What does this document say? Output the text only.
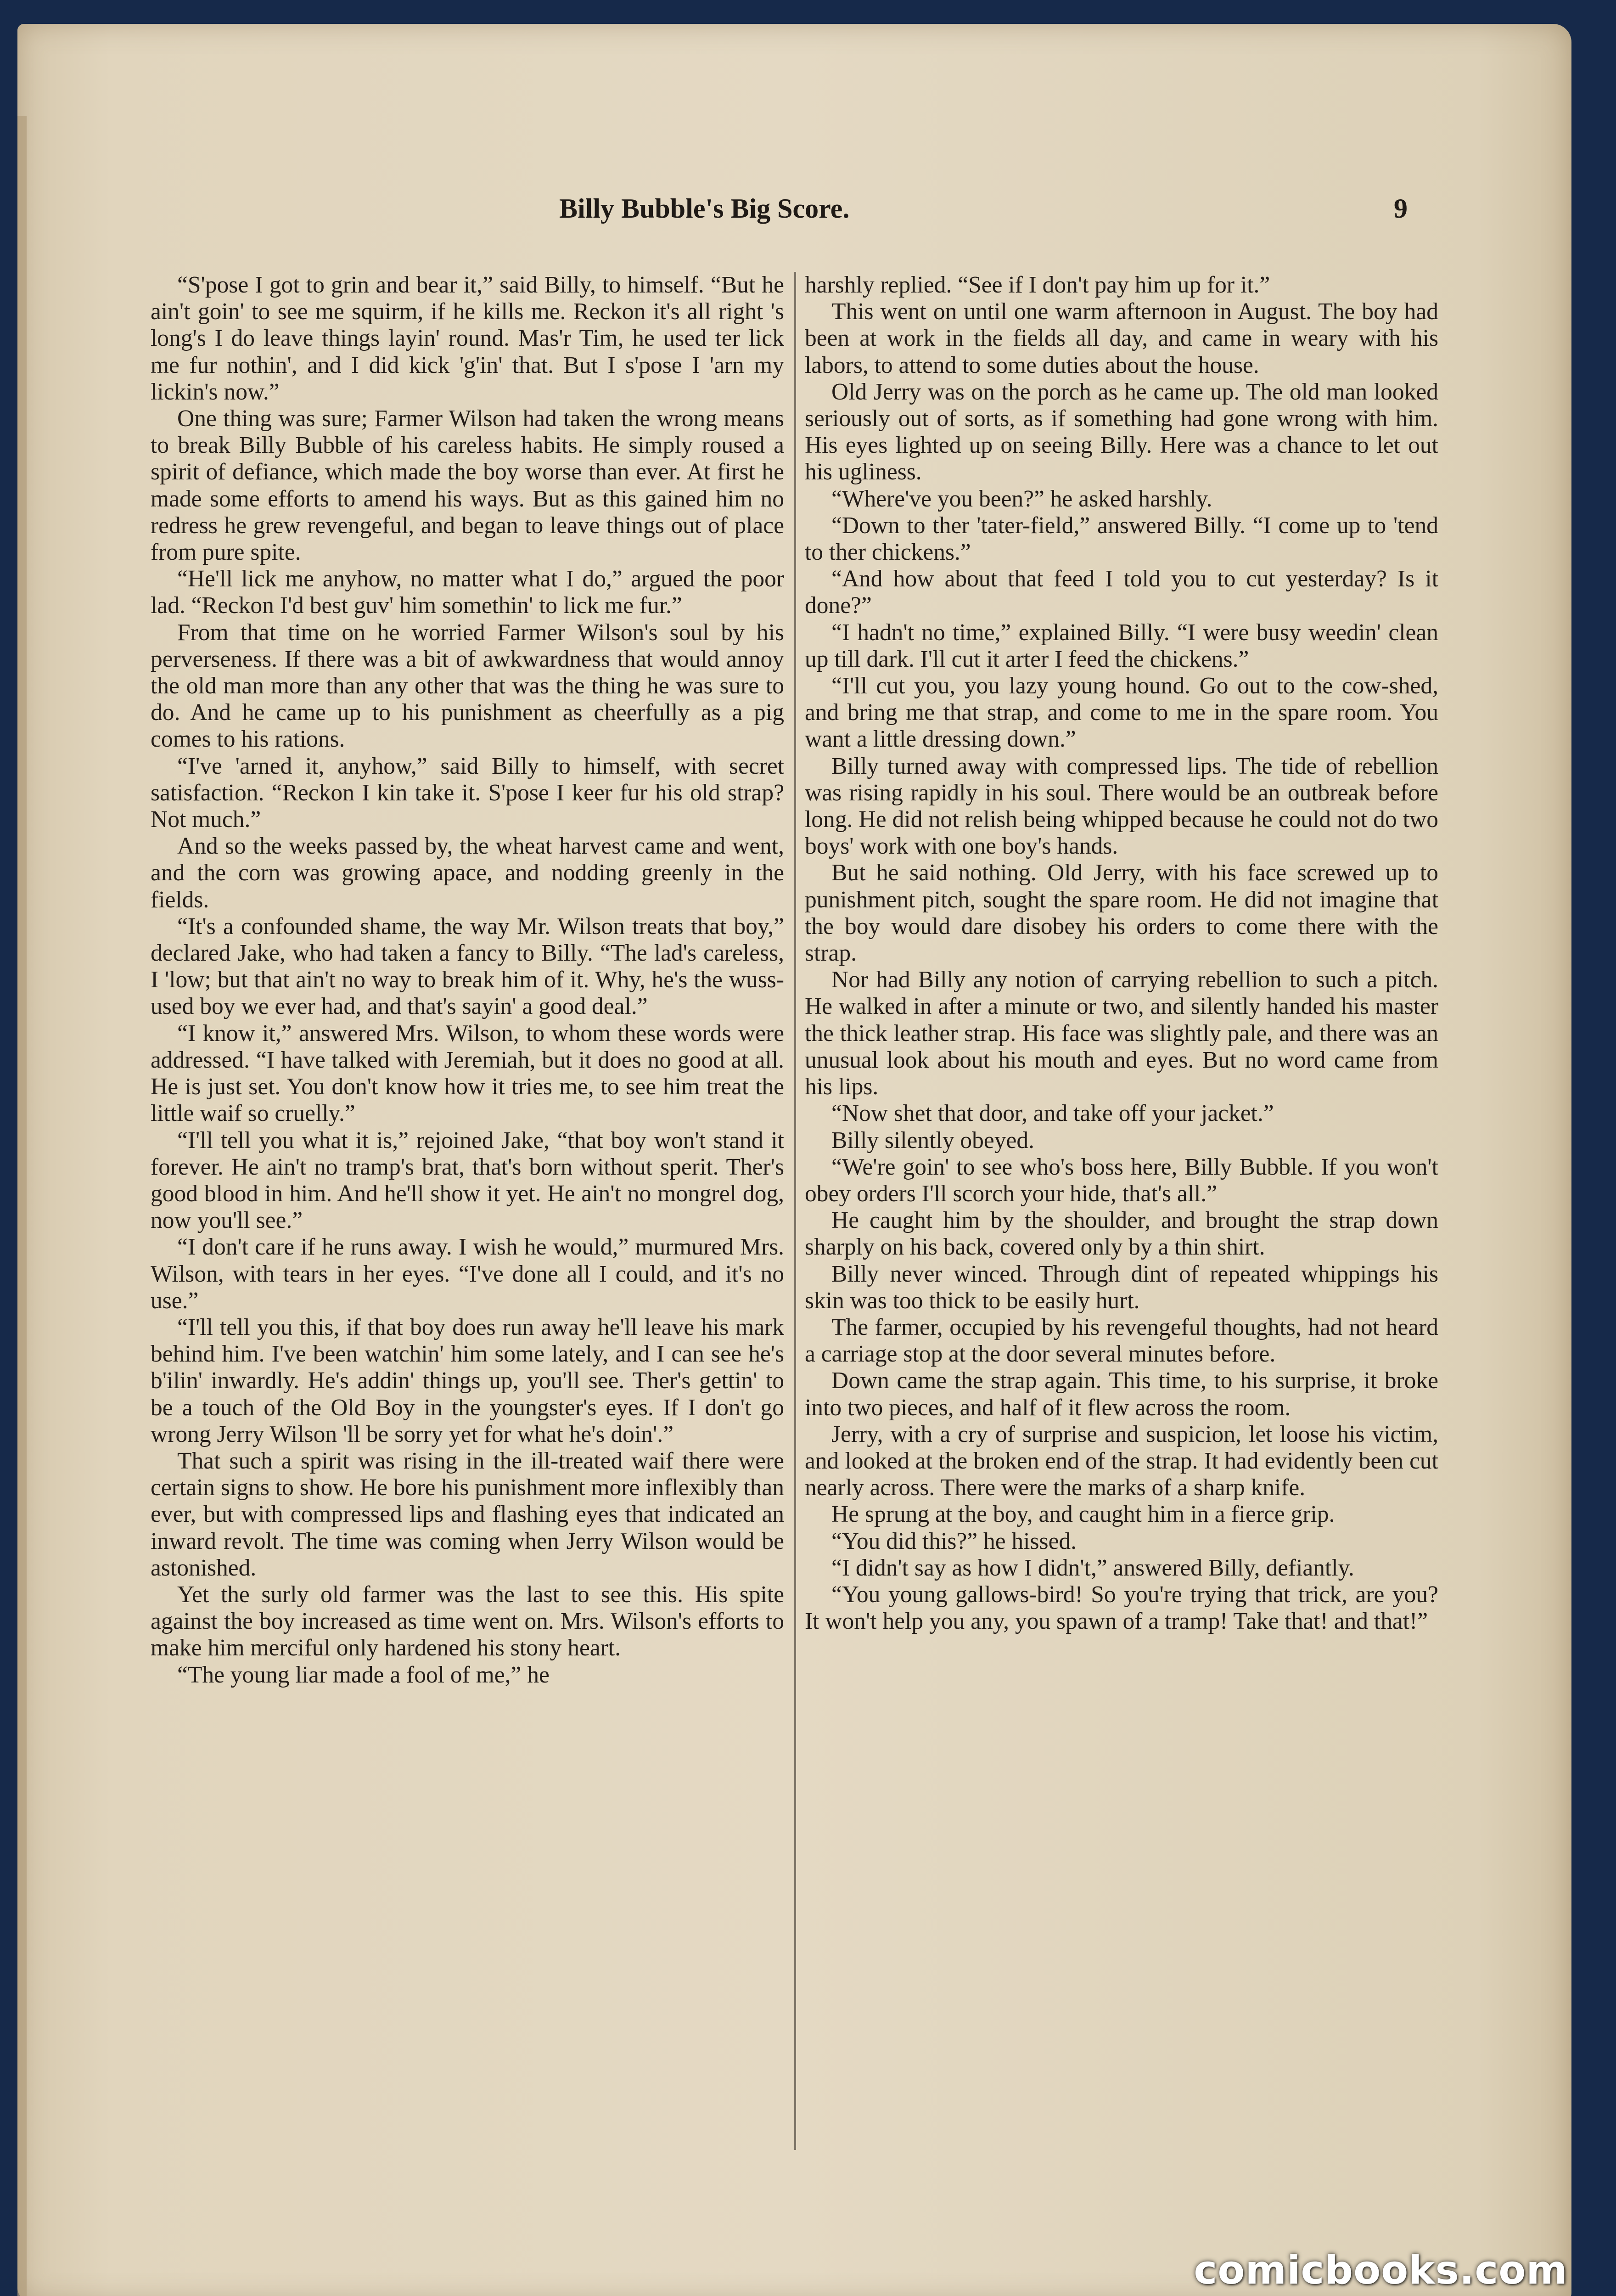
Billy Bubble's Big Score.	9

“S'pose I got to grin and bear it,” said Billy, to himself. “But he ain't goin' to see me squirm, if he kills me. Reckon it's all right 's long's I do leave things layin' round. Mas'r Tim, he used ter lick me fur nothin', and I did kick 'g'in' that. But I s'pose I 'arn my lickin's now.”

One thing was sure; Farmer Wilson had taken the wrong means to break Billy Bubble of his careless habits. He simply roused a spirit of defiance, which made the boy worse than ever. At first he made some efforts to amend his ways. But as this gained him no redress he grew revengeful, and began to leave things out of place from pure spite.

“He'll lick me anyhow, no matter what I do,” argued the poor lad. “Reckon I'd best guv' him somethin' to lick me fur.”

From that time on he worried Farmer Wilson's soul by his perverseness. If there was a bit of awkwardness that would annoy the old man more than any other that was the thing he was sure to do. And he came up to his punishment as cheerfully as a pig comes to his rations.

“I've 'arned it, anyhow,” said Billy to himself, with secret satisfaction. “Reckon I kin take it. S'pose I keer fur his old strap? Not much.”

And so the weeks passed by, the wheat harvest came and went, and the corn was growing apace, and nodding greenly in the fields.

“It's a confounded shame, the way Mr. Wilson treats that boy,” declared Jake, who had taken a fancy to Billy. “The lad's careless, I 'low; but that ain't no way to break him of it. Why, he's the wuss-used boy we ever had, and that's sayin' a good deal.”

“I know it,” answered Mrs. Wilson, to whom these words were addressed. “I have talked with Jeremiah, but it does no good at all. He is just set. You don't know how it tries me, to see him treat the little waif so cruelly.”

“I'll tell you what it is,” rejoined Jake, “that boy won't stand it forever. He ain't no tramp's brat, that's born without sperit. Ther's good blood in him. And he'll show it yet. He ain't no mongrel dog, now you'll see.”

“I don't care if he runs away. I wish he would,” murmured Mrs. Wilson, with tears in her eyes. “I've done all I could, and it's no use.”

“I'll tell you this, if that boy does run away he'll leave his mark behind him. I've been watchin' him some lately, and I can see he's b'ilin' inwardly. He's addin' things up, you'll see. Ther's gettin' to be a touch of the Old Boy in the youngster's eyes. If I don't go wrong Jerry Wilson 'll be sorry yet for what he's doin'.”

That such a spirit was rising in the ill-treated waif there were certain signs to show. He bore his punishment more inflexibly than ever, but with compressed lips and flashing eyes that indicated an inward revolt. The time was coming when Jerry Wilson would be astonished.

Yet the surly old farmer was the last to see this. His spite against the boy increased as time went on. Mrs. Wilson's efforts to make him merciful only hardened his stony heart.

“The young liar made a fool of me,” he

harshly replied. “See if I don't pay him up for it.”

This went on until one warm afternoon in August. The boy had been at work in the fields all day, and came in weary with his labors, to attend to some duties about the house.

Old Jerry was on the porch as he came up. The old man looked seriously out of sorts, as if something had gone wrong with him. His eyes lighted up on seeing Billy. Here was a chance to let out his ugliness.

“Where've you been?” he asked harshly.

“Down to ther 'tater-field,” answered Billy. “I come up to 'tend to ther chickens.”

“And how about that feed I told you to cut yesterday? Is it done?”

“I hadn't no time,” explained Billy. “I were busy weedin' clean up till dark. I'll cut it arter I feed the chickens.”

“I'll cut you, you lazy young hound. Go out to the cow-shed, and bring me that strap, and come to me in the spare room. You want a little dressing down.”

Billy turned away with compressed lips. The tide of rebellion was rising rapidly in his soul. There would be an outbreak before long. He did not relish being whipped because he could not do two boys' work with one boy's hands.

But he said nothing. Old Jerry, with his face screwed up to punishment pitch, sought the spare room. He did not imagine that the boy would dare disobey his orders to come there with the strap.

Nor had Billy any notion of carrying rebellion to such a pitch. He walked in after a minute or two, and silently handed his master the thick leather strap. His face was slightly pale, and there was an unusual look about his mouth and eyes. But no word came from his lips.

“Now shet that door, and take off your jacket.”

Billy silently obeyed.

“We're goin' to see who's boss here, Billy Bubble. If you won't obey orders I'll scorch your hide, that's all.”

He caught him by the shoulder, and brought the strap down sharply on his back, covered only by a thin shirt.

Billy never winced. Through dint of repeated whippings his skin was too thick to be easily hurt.

The farmer, occupied by his revengeful thoughts, had not heard a carriage stop at the door several minutes before.

Down came the strap again. This time, to his surprise, it broke into two pieces, and half of it flew across the room.

Jerry, with a cry of surprise and suspicion, let loose his victim, and looked at the broken end of the strap. It had evidently been cut nearly across. There were the marks of a sharp knife.

He sprung at the boy, and caught him in a fierce grip.

“You did this?” he hissed.

“I didn't say as how I didn't,” answered Billy, defiantly.

“You young gallows-bird! So you're trying that trick, are you? It won't help you any, you spawn of a tramp! Take that! and that!”

comicbooks.com
